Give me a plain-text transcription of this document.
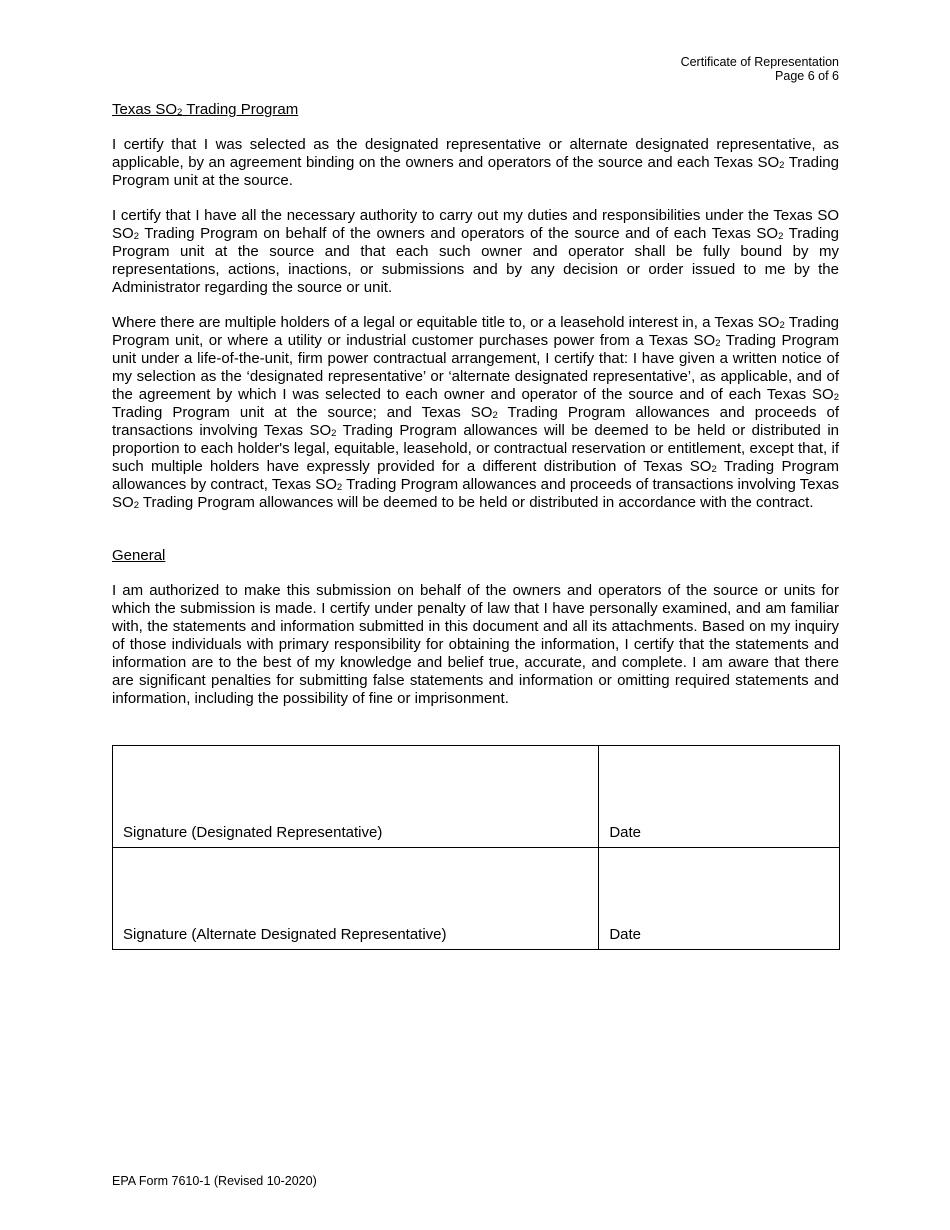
Certificate of Representation
Page 6 of 6
Texas $SO_2$ Trading Program

I certify that I was selected as the designated representative or alternate designated representative, as applicable, by an agreement binding on the owners and operators of the source and each Texas $SO_2$ Trading Program unit at the source.

I certify that I have all the necessary authority to carry out my duties and responsibilities under the Texas SO $SO_2$ Trading Program on behalf of the owners and operators of the source and of each Texas $SO_2$ Trading Program unit at the source and that each such owner and operator shall be fully bound by my representations, actions, inactions, or submissions and by any decision or order issued to me by the Administrator regarding the source or unit.

Where there are multiple holders of a legal or equitable title to, or a leasehold interest in, a Texas $SO_2$ Trading Program unit, or where a utility or industrial customer purchases power from a Texas $SO_2$ Trading Program unit under a life-of-the-unit, firm power contractual arrangement, I certify that: I have given a written notice of my selection as the ‘designated representative’ or ‘alternate designated representative’, as applicable, and of the agreement by which I was selected to each owner and operator of the source and of each Texas $SO_2$ Trading Program unit at the source; and Texas $SO_2$ Trading Program allowances and proceeds of transactions involving Texas $SO_2$ Trading Program allowances will be deemed to be held or distributed in proportion to each holder's legal, equitable, leasehold, or contractual reservation or entitlement, except that, if such multiple holders have expressly provided for a different distribution of Texas $SO_2$ Trading Program allowances by contract, Texas $SO_2$ Trading Program allowances and proceeds of transactions involving Texas $SO_2$ Trading Program allowances will be deemed to be held or distributed in accordance with the contract.

General

I am authorized to make this submission on behalf of the owners and operators of the source or units for which the submission is made. I certify under penalty of law that I have personally examined, and am familiar with, the statements and information submitted in this document and all its attachments. Based on my inquiry of those individuals with primary responsibility for obtaining the information, I certify that the statements and information are to the best of my knowledge and belief true, accurate, and complete. I am aware that there are significant penalties for submitting false statements and information or omitting required statements and information, including the possibility of fine or imprisonment.

Signature (Designated Representative)	Date
Signature (Alternate Designated Representative)	Date
EPA Form 7610-1 (Revised 10-2020)
